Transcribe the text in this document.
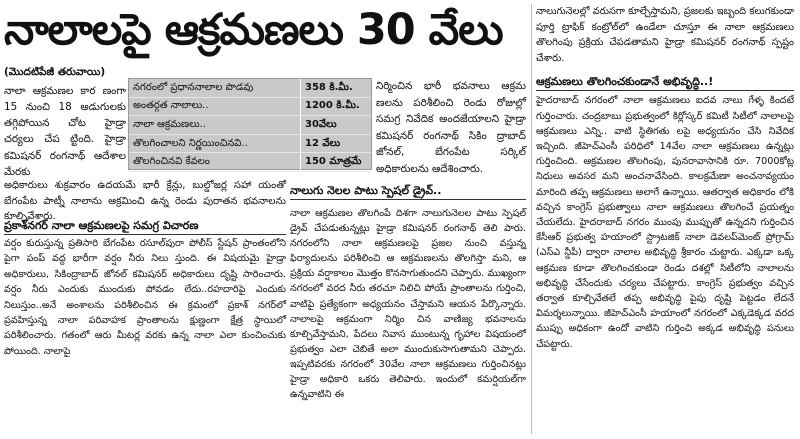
నాలాలపై ఆక్రమణలు 30 వేలు
(మొదటిపేజీ తరువాయి)

నాలా ఆక్రమణల కార ణంగా 15 నుంచి 18 అడుగులకు తగ్గిపోయిన చోట హైడ్రా చర్యలు చేప ట్టింది. హైడ్రా కమిషనర్ రంగనాథ్ ఆదేశాల మేరకు

నగరంలో ప్రధాననాలాల పొడవు	358 కి.మీ.
అంతర్గత నాలాలు..	1200 కి.మీ.
నాలా ఆక్రమణలు..	30వేలు
తొలగించాలని నిర్ణయించినవి..	12 వేలు
తొలగించినవి కేవలం	150 మాత్రమే

నిర్మించిన భారీ భవనాలు ఆక్రమ ణలను పరిశీలించి రెండు రోజుల్లో సమగ్ర నివేదిక అందజేయాలని హైడ్రా కమిషనర్ రంగనాథ్ సికిం ద్రాబాద్ జోనల్, బేగంపేట సర్కిల్ అధికారులను ఆదేశించారు.

అధికారులు శుక్రవారం ఉదయమే భారీ క్రేన్లు, బుల్డోజర్ల సహా యంతో బేగంపేట పాట్నీ నాలాను ఆక్రమించి ఉన్న రెండు పురాతన భవనాలను కూల్చివేశారు.

ప్రకాశ్‌నగర్ నాలా ఆక్రమణలపై సమగ్ర విచారణ

వర్షం కురుస్తున్న ప్రతిసారి బేగంపేట రసూల్‌పురా పోలీస్ స్టేషన్ ప్రాంతంలోని పైగా‌ పంప్ వద్ద భారీగా వర్షం నీరు నిలు స్తుంది. ఈ విషయమై హైడ్రా అధికారులు, సికింద్రాబాద్ జోనల్ కమిషనర్ అధికారులు దృష్టి సారించారు. వర్షం నీరు ఎందుకు ముందుకు పోవడం లేదు..రహదారిపై ఎందుకు నిలుస్తుం..అనే అంశాలను పరిశీలించిన ఈ క్రమంలో ప్రకాశ్ నగర్‌లో ప్రవహిస్తున్న నాలా పరివాహక ప్రాంతాలను క్షుణ్ణంగా క్షేత్ర స్థాయిలో పరిశీలించారు. గతంలో ఆరు మీటర్ల వరకు ఉన్న నాలా ఎలా కుంచించుకు పోయింది. నాలాపై

నాలుగు నెలల పాటు స్పెషల్ డ్రైవ్..

నాలా ఆక్రమణల తొలగింపే దిశగా నాలుగునెలల పాటు స్పెషల్ డ్రైవ్ చేపడుతున్నట్లు హైడ్రా కమిషనర్ రంగనాథ్ తెలి పారు. నగరంలోని నాలా ఆక్రమణలపై ప్రజల నుంచి వస్తున్న ఫిర్యాదులను పరిశీలించి ఆ ఆక్రమణలను తొలగిస్తా మని, ఆ ప్రక్రియ వర్షాకాలం మొత్తం కొనసాగుతుందని చెప్పారు. ముఖ్యంగా నగరంలో వరద నీరు తరచూ నిలిచి పోయే ప్రాంతాలను గుర్తించి, వాటిపై ప్రత్యేకంగా అధ్యయనం చేస్తామని ఆయన పేర్కొన్నారు. నాలాలపై ఆక్రమంగా నిర్మిం చిన వాణిజ్య భవనాలను కూల్చివేస్తామని, పేదలు నివాస ముంటున్న గృహాల విషయంలో ప్రభుత్వం ఎలా చెబితే అలా ముందుకుసాగుతామని చెప్పారు. ఇప్పటివరకు నగరంలో 30వేల నాలా ఆక్రమణలు గుర్తించినట్లు హైడ్రా అధికారి ఒకరు తెలిపారు. ఇందులో కమర్షియల్‌గా ఉన్నవాటిని ఈ

నాలుగునెలల్లో వరుసగా కూల్చేస్తామని, ప్రజలకు ఇబ్బంది కలుగకుండా పూర్తి ట్రాఫిక్ కంట్రోల్‌లో ఉండేలా చూస్తూ ఈ నాలా ఆక్రమణలు తొలగింపు ప్రక్రియ చేపడతామని హైడ్రా కమిషనర్ రంగనాథ్ స్పష్టం చేశారు.

ఆక్రమణలు తొలగించకుండానే అభివృద్ధి..!

హైదరాబాద్ నగరంలో నాలా ఆక్రమణలు ఐదవ నాలు గేళ్ళ కిందటే గుర్తించారు. చంద్రబాబు ప్రభుత్వంలో కిర్లోస్కర్ కమిటీ సిటీలో నాలాలపై ఆక్రమణలు ఎన్ని.. వాటి స్థితిగతు లపై అధ్యయనం చేసి నివేదిక ఇచ్చింది. జీహెచ్ఎంసీ పరిధిలో 14వేల నాలా ఆక్రమణలు ఉన్నట్లు గుర్తించింది. ఆక్రమణల తొలగింపు, పునరావాసానికి రూ. 7000కోట్ల నిధులు అవసర మని అంచనావేసింది. కాలక్రమేణా అంచనావ్యయం మారింది తప్ప ఆక్రమణలు అలాగే ఉన్నాయి. ఆతర్వాత అధికారం లోకి వచ్చిన కాంగ్రెస్ ప్రభుత్వాలు నాలా ఆక్రమణలు తొలగించే ప్రయత్నం చేయలేదు. హైదరాబాద్ నగరం ముంపు ముప్పుతో ఉన్నదని గుర్తించిన కేసీఆర్ ప్రభుత్వ హయాంలో స్ట్రాటజిక్ నాలా డెవలప్‌మెంట్ ప్రోగ్రామ్ (ఎస్ఎ న్డీపీ) ద్వారా నాలాల అభివృద్ధి శ్రీకారం చుట్టారు. ఎక్కడా ఒక్క ఆక్రమణ కూడా తొలగించకుండా రెండు దశల్లో సిటీలోని నాలాలను అభివృద్ధి చేసేందుకు చర్యలు చేపట్టారు. కాంగ్రెస్ ప్రభుత్వం వచ్చిన తర్వాత కూల్చివేతలే తప్ప అభివృద్ధి పైపు దృష్టి పెట్టడం లేదనే విమర్శలున్నాయి. జీహెచ్ఎంసీ హయాంలో నగరంలో ఎక్కడెక్కడ వరద ముప్పు అధికంగా ఉందో వాటిని గుర్తించి అక్కడ అభివృద్ధి పనులు చేపట్టారు.
